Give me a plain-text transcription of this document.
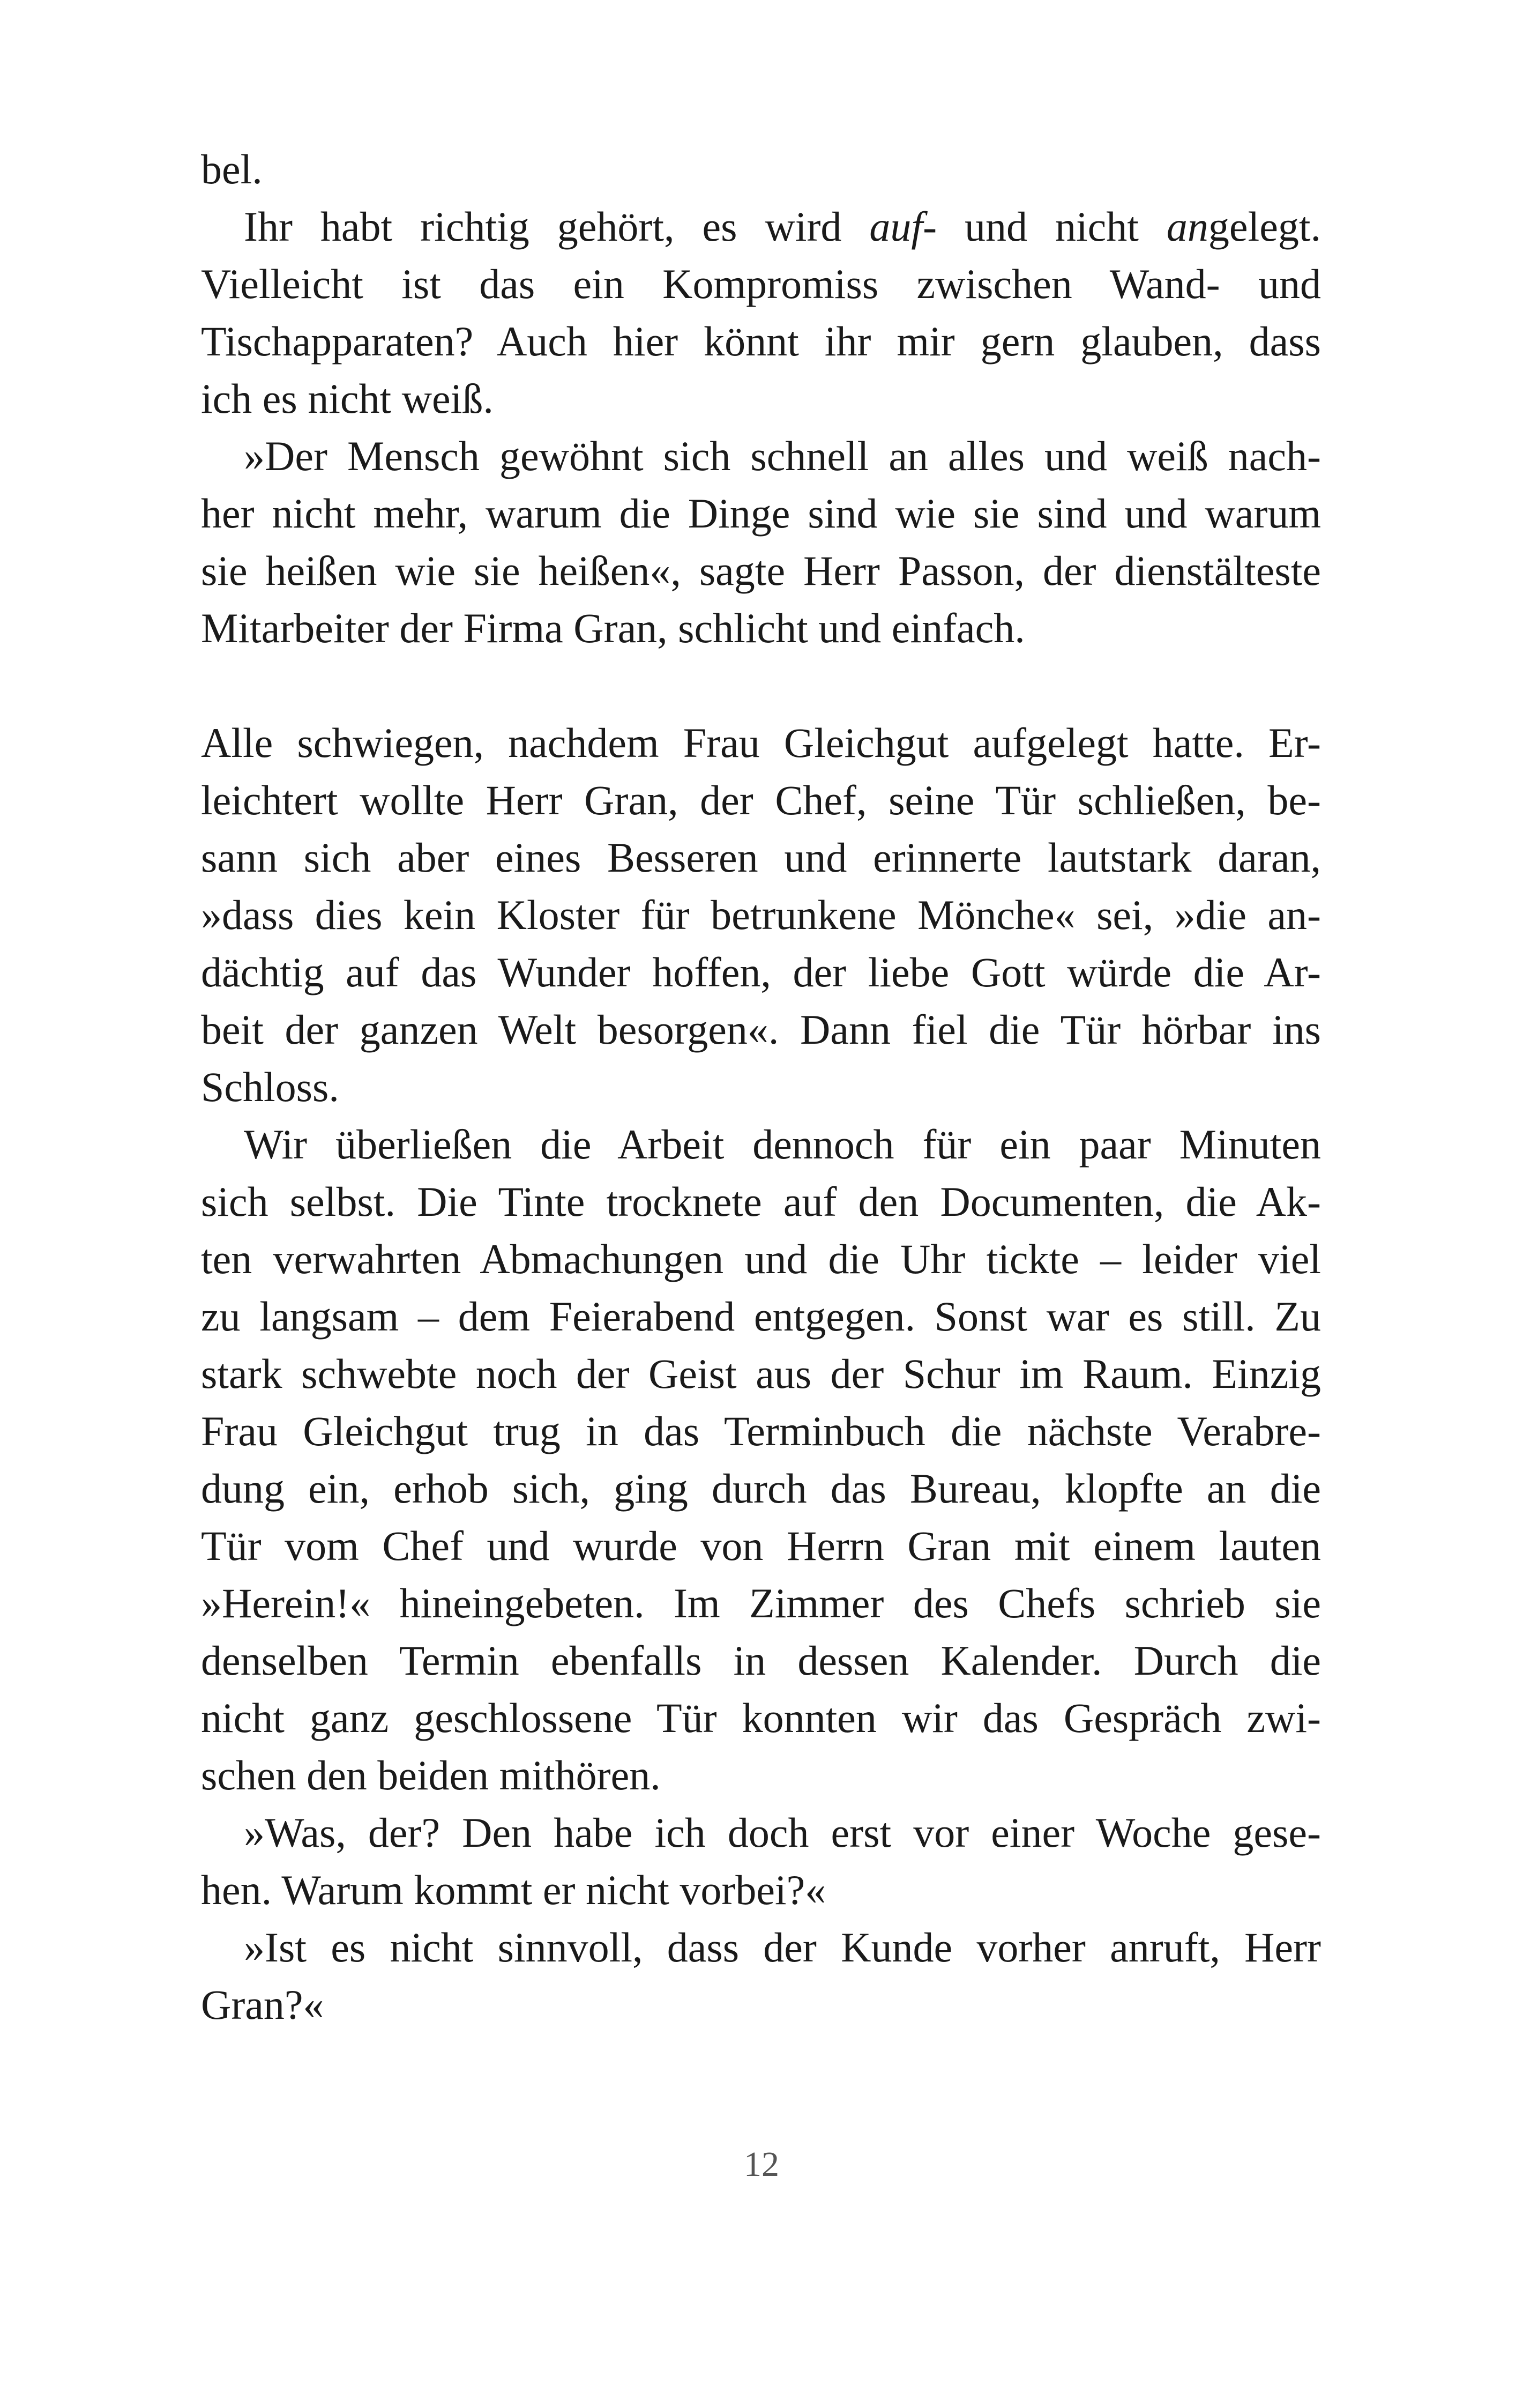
bel.
Ihr habt richtig gehört, es wird auf- und nicht angelegt.
Vielleicht ist das ein Kompromiss zwischen Wand- und
Tischapparaten? Auch hier könnt ihr mir gern glauben, dass
ich es nicht weiß.
»Der Mensch gewöhnt sich schnell an alles und weiß nach-
her nicht mehr, warum die Dinge sind wie sie sind und warum
sie heißen wie sie heißen«, sagte Herr Passon, der dienstälteste
Mitarbeiter der Firma Gran, schlicht und einfach.
Alle schwiegen, nachdem Frau Gleichgut aufgelegt hatte. Er-
leichtert wollte Herr Gran, der Chef, seine Tür schließen, be-
sann sich aber eines Besseren und erinnerte lautstark daran,
»dass dies kein Kloster für betrunkene Mönche« sei, »die an-
dächtig auf das Wunder hoffen, der liebe Gott würde die Ar-
beit der ganzen Welt besorgen«. Dann fiel die Tür hörbar ins
Schloss.
Wir überließen die Arbeit dennoch für ein paar Minuten
sich selbst. Die Tinte trocknete auf den Documenten, die Ak-
ten verwahrten Abmachungen und die Uhr tickte – leider viel
zu langsam – dem Feierabend entgegen. Sonst war es still. Zu
stark schwebte noch der Geist aus der Schur im Raum. Einzig
Frau Gleichgut trug in das Terminbuch die nächste Verabre-
dung ein, erhob sich, ging durch das Bureau, klopfte an die
Tür vom Chef und wurde von Herrn Gran mit einem lauten
»Herein!« hineingebeten. Im Zimmer des Chefs schrieb sie
denselben Termin ebenfalls in dessen Kalender. Durch die
nicht ganz geschlossene Tür konnten wir das Gespräch zwi-
schen den beiden mithören.
»Was, der? Den habe ich doch erst vor einer Woche gese-
hen. Warum kommt er nicht vorbei?«
»Ist es nicht sinnvoll, dass der Kunde vorher anruft, Herr
Gran?«
12
